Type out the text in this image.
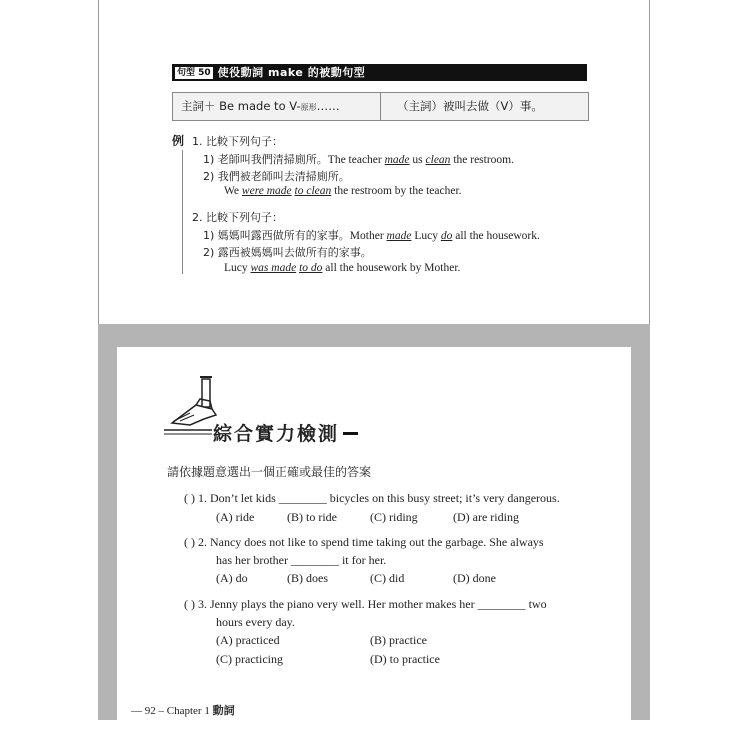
句型 50 使役動詞 make 的被動句型
主詞＋ Be made to V-原形……	（主詞）被叫去做（V）事。
例 1. 比較下列句子：
1) 老師叫我們清掃廁所。The teacher made us clean the restroom.
2) 我們被老師叫去清掃廁所。
We were made to clean the restroom by the teacher.
2. 比較下列句子：
1) 媽媽叫露西做所有的家事。Mother made Lucy do all the housework.
2) 露西被媽媽叫去做所有的家事。
Lucy was made to do all the housework by Mother.
綜合實力檢測
請依據題意選出一個正確或最佳的答案
( ) 1. Don’t let kids ________ bicycles on this busy street; it’s very dangerous.
(A) ride	(B) to ride	(C) riding	(D) are riding
( ) 2. Nancy does not like to spend time taking out the garbage. She always
has her brother ________ it for her.
(A) do	(B) does	(C) did	(D) done
( ) 3. Jenny plays the piano very well. Her mother makes her ________ two
hours every day.
(A) practiced	(B) practice
(C) practicing	(D) to practice
— 92 – Chapter 1 動詞
